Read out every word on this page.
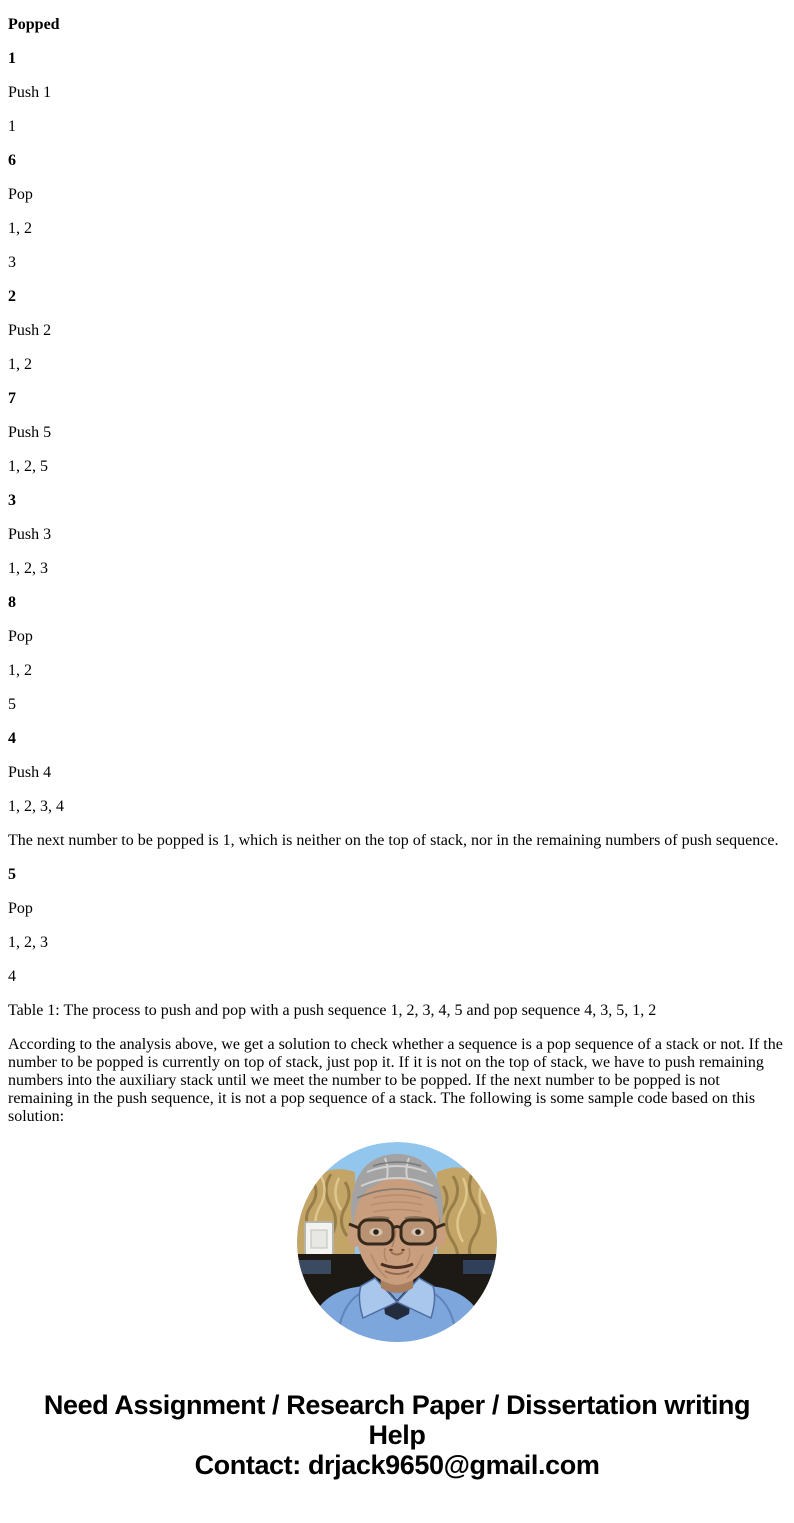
Popped

1

Push 1

1

6

Pop

1, 2

3

2

Push 2

1, 2

7

Push 5

1, 2, 5

3

Push 3

1, 2, 3

8

Pop

1, 2

5

4

Push 4

1, 2, 3, 4

The next number to be popped is 1, which is neither on the top of stack, nor in the remaining numbers of push sequence.

5

Pop

1, 2, 3

4

Table 1: The process to push and pop with a push sequence 1, 2, 3, 4, 5 and pop sequence 4, 3, 5, 1, 2

According to the analysis above, we get a solution to check whether a sequence is a pop sequence of a stack or not. If the number to be popped is currently on top of stack, just pop it. If it is not on the top of stack, we have to push remaining numbers into the auxiliary stack until we meet the number to be popped. If the next number to be popped is not remaining in the push sequence, it is not a pop sequence of a stack. The following is some sample code based on this solution:

Need Assignment / Research Paper / Dissertation writing Help
Contact: drjack9650@gmail.com
